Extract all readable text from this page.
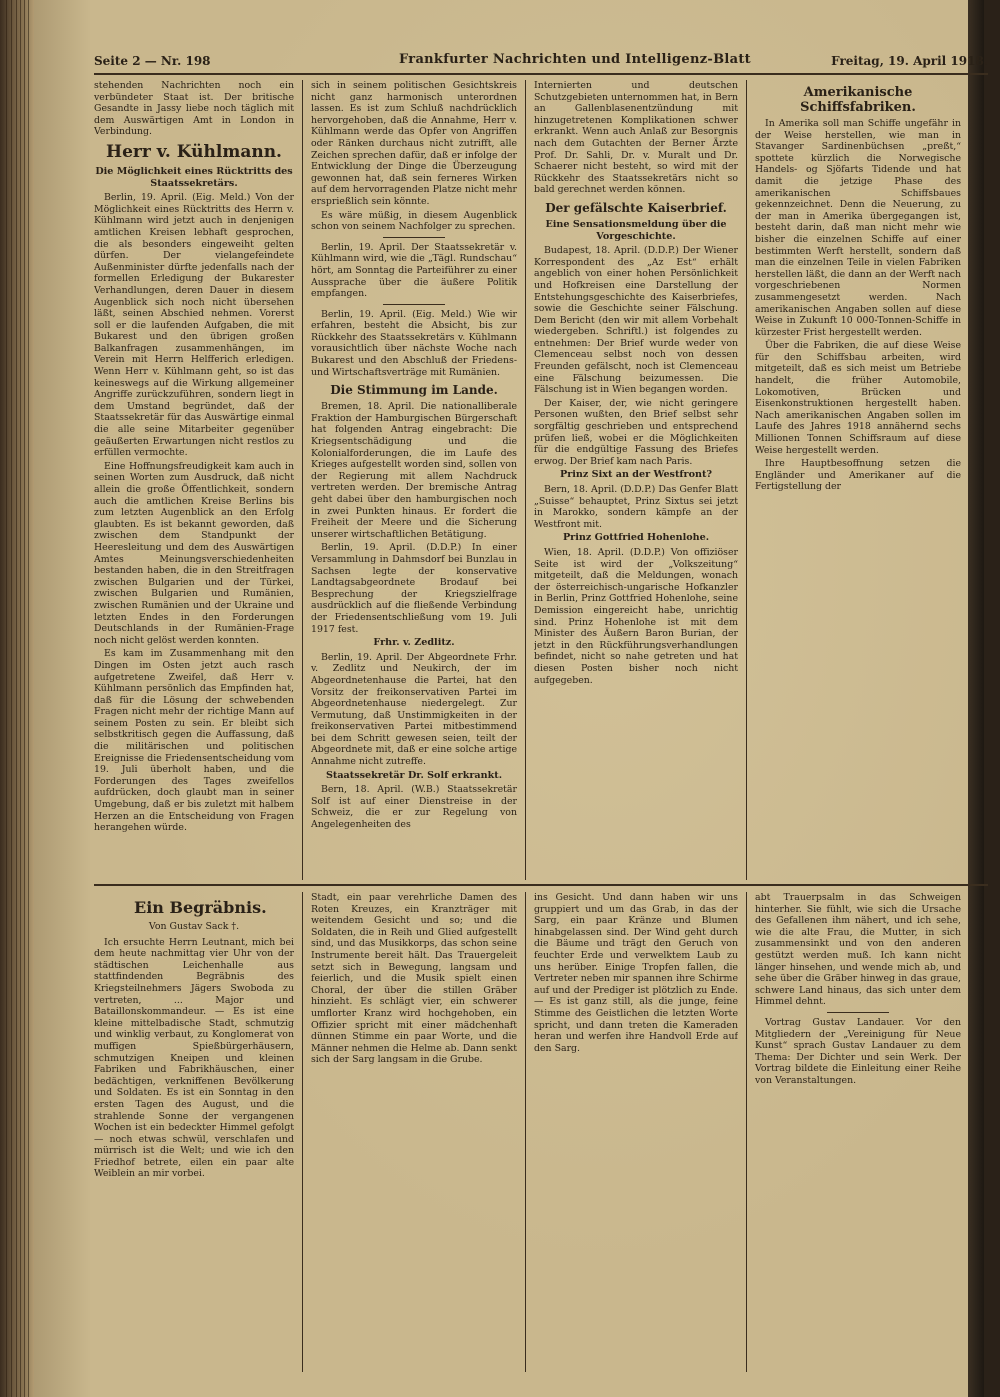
Seite 2 — Nr. 198	Frankfurter Nachrichten und Intelligenz-Blatt	Freitag, 19. April 1918.

stehenden Nachrichten noch ein verbündeter Staat ist. Der britische Gesandte in Jassy liebe noch täglich mit dem Auswärtigen Amt in London in Verbindung.

Herr v. Kühlmann.
Die Möglichkeit eines Rücktritts des Staatssekretärs.

Berlin, 19. April. (Eig. Meld.) Von der Möglichkeit eines Rücktritts des Herrn v. Kühlmann wird jetzt auch in denjenigen amtlichen Kreisen lebhaft gesprochen, die als besonders eingeweiht gelten dürfen. Der vielangefeindete Außenminister dürfte jedenfalls nach der formellen Erledigung der Bukarester Verhandlungen, deren Dauer in diesem Augenblick sich noch nicht übersehen läßt, seinen Abschied nehmen. Vorerst soll er die laufenden Aufgaben, die mit Bukarest und den übrigen großen Balkanfragen zusammenhängen, im Verein mit Herrn Helfferich erledigen. Wenn Herr v. Kühlmann geht, so ist das keineswegs auf die Wirkung allgemeiner Angriffe zurückzuführen, sondern liegt in dem Umstand begründet, daß der Staatssekretär für das Auswärtige einmal die alle seine Mitarbeiter gegenüber geäußerten Erwartungen nicht restlos zu erfüllen vermochte.

Eine Hoffnungsfreudigkeit kam auch in seinen Worten zum Ausdruck, daß nicht allein die große Öffentlichkeit, sondern auch die amtlichen Kreise Berlins bis zum letzten Augenblick an den Erfolg glaubten. Es ist bekannt geworden, daß zwischen dem Standpunkt der Heeresleitung und dem des Auswärtigen Amtes Meinungsverschiedenheiten bestanden haben, die in den Streitfragen zwischen Bulgarien und der Türkei, zwischen Bulgarien und Rumänien, zwischen Rumänien und der Ukraine und letzten Endes in den Forderungen Deutschlands in der Rumänien-Frage noch nicht gelöst werden konnten.

Es kam im Zusammenhang mit den Dingen im Osten jetzt auch rasch aufgetretene Zweifel, daß Herr v. Kühlmann persönlich das Empfinden hat, daß für die Lösung der schwebenden Fragen nicht mehr der richtige Mann auf seinem Posten zu sein. Er bleibt sich selbstkritisch gegen die Auffassung, daß die militärischen und politischen Ereignisse die Friedensentscheidung vom 19. Juli überholt haben, und die Forderungen des Tages zweifellos aufdrücken, doch glaubt man in seiner Umgebung, daß er bis zuletzt mit halbem Herzen an die Entscheidung von Fragen herangehen würde.

sich in seinem politischen Gesichtskreis nicht ganz harmonisch unterordnen lassen. Es ist zum Schluß nachdrücklich hervorgehoben, daß die Annahme, Herr v. Kühlmann werde das Opfer von Angriffen oder Ränken durchaus nicht zutrifft, alle Zeichen sprechen dafür, daß er infolge der Entwicklung der Dinge die Überzeugung gewonnen hat, daß sein ferneres Wirken auf dem hervorragenden Platze nicht mehr ersprießlich sein könnte.

Es wäre müßig, in diesem Augenblick schon von seinem Nachfolger zu sprechen.

Berlin, 19. April. Der Staatssekretär v. Kühlmann wird, wie die „Tägl. Rundschau“ hört, am Sonntag die Parteiführer zu einer Aussprache über die äußere Politik empfangen.

Berlin, 19. April. (Eig. Meld.) Wie wir erfahren, besteht die Absicht, bis zur Rückkehr des Staatssekretärs v. Kühlmann vorausichtlich über nächste Woche nach Bukarest und den Abschluß der Friedens- und Wirtschaftsverträge mit Rumänien.

Die Stimmung im Lande.

Bremen, 18. April. Die nationalliberale Fraktion der Hamburgischen Bürgerschaft hat folgenden Antrag eingebracht: Die Kriegsentschädigung und die Kolonialforderungen, die im Laufe des Krieges aufgestellt worden sind, sollen von der Regierung mit allem Nachdruck vertreten werden. Der bremische Antrag geht dabei über den hamburgischen noch in zwei Punkten hinaus. Er fordert die Freiheit der Meere und die Sicherung unserer wirtschaftlichen Betätigung.

Berlin, 19. April. (D.D.P.) In einer Versammlung in Dahmsdorf bei Bunzlau in Sachsen legte der konservative Landtagsabgeordnete Brodauf bei Besprechung der Kriegszielfrage ausdrücklich auf die fließende Verbindung der Friedensentschließung vom 19. Juli 1917 fest.

Frhr. v. Zedlitz.

Berlin, 19. April. Der Abgeordnete Frhr. v. Zedlitz und Neukirch, der im Abgeordnetenhause die Partei, hat den Vorsitz der freikonservativen Partei im Abgeordnetenhause niedergelegt. Zur Vermutung, daß Unstimmigkeiten in der freikonservativen Partei mitbestimmend bei dem Schritt gewesen seien, teilt der Abgeordnete mit, daß er eine solche artige Annahme nicht zutreffe.

Staatssekretär Dr. Solf erkrankt.

Bern, 18. April. (W.B.) Staatssekretär Solf ist auf einer Dienstreise in der Schweiz, die er zur Regelung von Angelegenheiten des

Internierten und deutschen Schutzgebieten unternommen hat, in Bern an Gallenblasenentzündung mit hinzugetretenen Komplikationen schwer erkrankt. Wenn auch Anlaß zur Besorgnis nach dem Gutachten der Berner Ärzte Prof. Dr. Sahli, Dr. v. Muralt und Dr. Schaerer nicht besteht, so wird mit der Rückkehr des Staatssekretärs nicht so bald gerechnet werden können.

Der gefälschte Kaiserbrief.
Eine Sensationsmeldung über die Vorgeschichte.

Budapest, 18. April. (D.D.P.) Der Wiener Korrespondent des „Az Est“ erhält angeblich von einer hohen Persönlichkeit und Hofkreisen eine Darstellung der Entstehungsgeschichte des Kaiserbriefes, sowie die Geschichte seiner Fälschung. Dem Bericht (den wir mit allem Vorbehalt wiedergeben. Schriftl.) ist folgendes zu entnehmen: Der Brief wurde weder von Clemenceau selbst noch von dessen Freunden gefälscht, noch ist Clemenceau eine Fälschung beizumessen. Die Fälschung ist in Wien begangen worden.

Der Kaiser, der, wie nicht geringere Personen wußten, den Brief selbst sehr sorgfältig geschrieben und entsprechend prüfen ließ, wobei er die Möglichkeiten für die endgültige Fassung des Briefes erwog. Der Brief kam nach Paris.

Prinz Sixt an der Westfront?

Bern, 18. April. (D.D.P.) Das Genfer Blatt „Suisse“ behauptet, Prinz Sixtus sei jetzt in Marokko, sondern kämpfe an der Westfront mit.

Prinz Gottfried Hohenlohe.

Wien, 18. April. (D.D.P.) Von offiziöser Seite ist wird der „Volkszeitung“ mitgeteilt, daß die Meldungen, wonach der österreichisch-ungarische Hofkanzler in Berlin, Prinz Gottfried Hohenlohe, seine Demission eingereicht habe, unrichtig sind. Prinz Hohenlohe ist mit dem Minister des Äußern Baron Burian, der jetzt in den Rückführungsverhandlungen befindet, nicht so nahe getreten und hat diesen Posten bisher noch nicht aufgegeben.

Amerikanische Schiffsfabriken.

In Amerika soll man Schiffe ungefähr in der Weise herstellen, wie man in Stavanger Sardinenbüchsen „preßt,“ spottete kürzlich die Norwegische Handels- og Sjöfarts Tidende und hat damit die jetzige Phase des amerikanischen Schiffsbaues gekennzeichnet. Denn die Neuerung, zu der man in Amerika übergegangen ist, besteht darin, daß man nicht mehr wie bisher die einzelnen Schiffe auf einer bestimmten Werft herstellt, sondern daß man die einzelnen Teile in vielen Fabriken herstellen läßt, die dann an der Werft nach vorgeschriebenen Normen zusammengesetzt werden. Nach amerikanischen Angaben sollen auf diese Weise in Zukunft 10 000-Tonnen-Schiffe in kürzester Frist hergestellt werden.

Über die Fabriken, die auf diese Weise für den Schiffsbau arbeiten, wird mitgeteilt, daß es sich meist um Betriebe handelt, die früher Automobile, Lokomotiven, Brücken und Eisenkonstruktionen hergestellt haben. Nach amerikanischen Angaben sollen im Laufe des Jahres 1918 annähernd sechs Millionen Tonnen Schiffsraum auf diese Weise hergestellt werden.

Ihre Hauptbesoffnung setzen die Engländer und Amerikaner auf die Fertigstellung der

Ein Begräbnis.
Von Gustav Sack †.

Ich ersuchte Herrn Leutnant, mich bei dem heute nachmittag vier Uhr von der städtischen Leichenhalle aus stattfindenden Begräbnis des Kriegsteilnehmers Jägers Swoboda zu vertreten, ... Major und Bataillonskommandeur. — Es ist eine kleine mittelbadische Stadt, schmutzig und winklig verbaut, zu Konglomerat von muffigen Spießbürgerhäusern, schmutzigen Kneipen und kleinen Fabriken und Fabrikhäuschen, einer bedächtigen, verkniffenen Bevölkerung und Soldaten. Es ist ein Sonntag in den ersten Tagen des August, und die strahlende Sonne der vergangenen Wochen ist ein bedeckter Himmel gefolgt — noch etwas schwül, verschlafen und mürrisch ist die Welt; und wie ich den Friedhof betrete, eilen ein paar alte Weiblein an mir vorbei.

Stadt, ein paar verehrliche Damen des Roten Kreuzes, ein Kranzträger mit weitendem Gesicht und so; und die Soldaten, die in Reih und Glied aufgestellt sind, und das Musikkorps, das schon seine Instrumente bereit hält. Das Trauergeleit setzt sich in Bewegung, langsam und feierlich, und die Musik spielt einen Choral, der über die stillen Gräber hinzieht. Es schlägt vier, ein schwerer umflorter Kranz wird hochgehoben, ein Offizier spricht mit einer mädchenhaft dünnen Stimme ein paar Worte, und die Männer nehmen die Helme ab. Dann senkt sich der Sarg langsam in die Grube.

ins Gesicht. Und dann haben wir uns gruppiert und um das Grab, in das der Sarg, ein paar Kränze und Blumen hinabgelassen sind. Der Wind geht durch die Bäume und trägt den Geruch von feuchter Erde und verwelktem Laub zu uns herüber. Einige Tropfen fallen, die Vertreter neben mir spannen ihre Schirme auf und der Prediger ist plötzlich zu Ende. — Es ist ganz still, als die junge, feine Stimme des Geistlichen die letzten Worte spricht, und dann treten die Kameraden heran und werfen ihre Handvoll Erde auf den Sarg.

abt Trauerpsalm in das Schweigen hinterher. Sie fühlt, wie sich die Ursache des Gefallenen ihm nähert, und ich sehe, wie die alte Frau, die Mutter, in sich zusammensinkt und von den anderen gestützt werden muß. Ich kann nicht länger hinsehen, und wende mich ab, und sehe über die Gräber hinweg in das graue, schwere Land hinaus, das sich unter dem Himmel dehnt.

Vortrag Gustav Landauer. Vor den Mitgliedern der „Vereinigung für Neue Kunst“ sprach Gustav Landauer zu dem Thema: Der Dichter und sein Werk. Der Vortrag bildete die Einleitung einer Reihe von Veranstaltungen.
